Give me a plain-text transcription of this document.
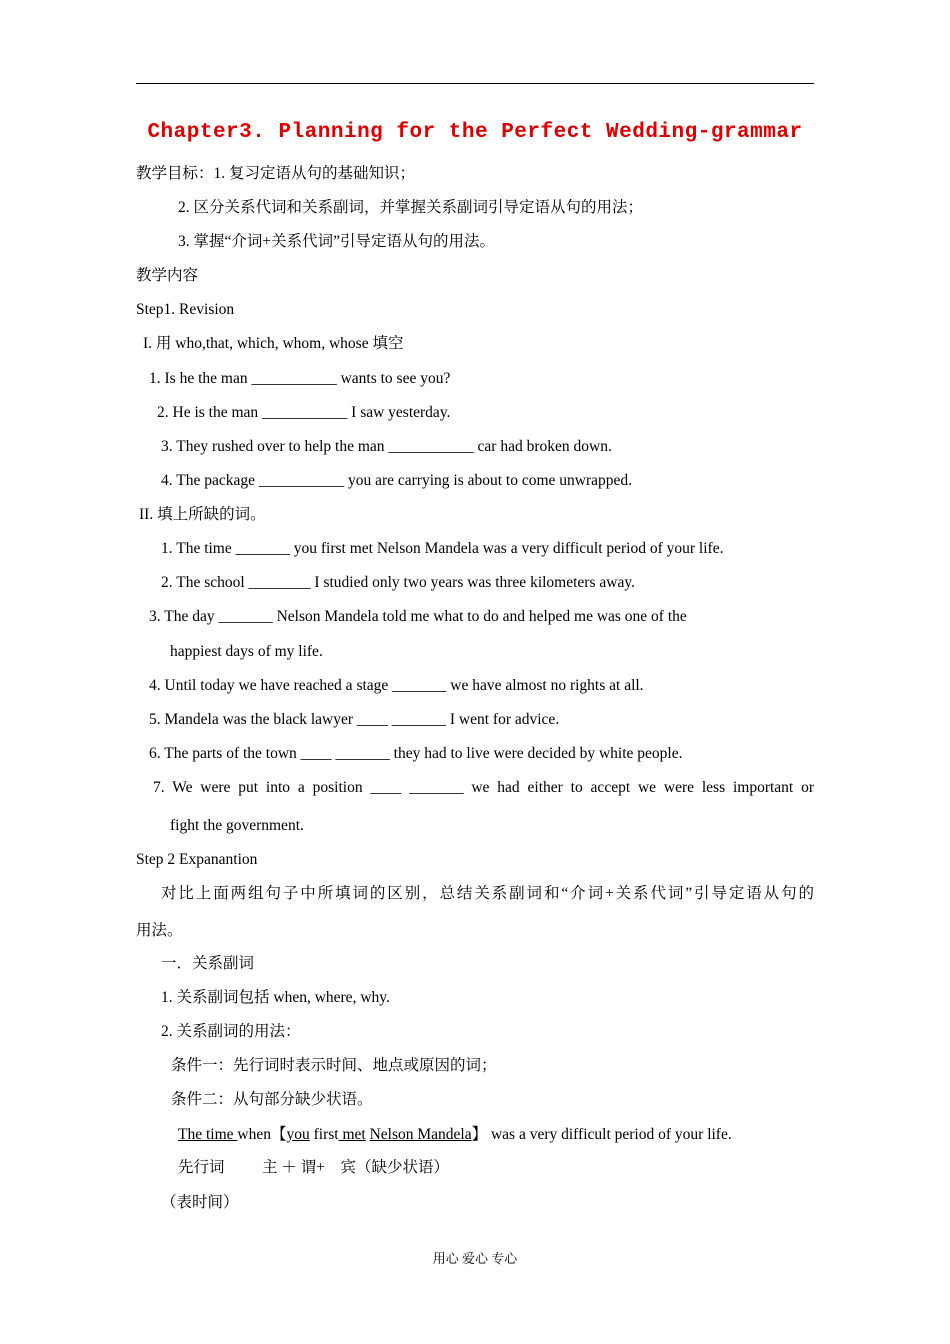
Chapter3. Planning for the Perfect Wedding-grammar
教学目标：1. 复习定语从句的基础知识；
2. 区分关系代词和关系副词，并掌握关系副词引导定语从句的用法；
3. 掌握“介词+关系代词”引导定语从句的用法。
教学内容
Step1. Revision
I. 用 who,that, which, whom, whose 填空
1. Is he the man ___________ wants to see you?
2. He is the man ___________ I saw yesterday.
3. They rushed over to help the man ___________ car had broken down.
4. The package ___________ you are carrying is about to come unwrapped.
II. 填上所缺的词。
1. The time _______ you first met Nelson Mandela was a very difficult period of your life.
2. The school ________ I studied only two years was three kilometers away.
3. The day _______ Nelson Mandela told me what to do and helped me was one of the
happiest days of my life.
4. Until today we have reached a stage _______ we have almost no rights at all.
5. Mandela was the black lawyer ____ _______ I went for advice.
6. The parts of the town ____ _______ they had to live were decided by white people.
7. We were put into a position ____ _______ we had either to accept we were less important or
fight the government.
Step 2 Expanantion
对比上面两组句子中所填词的区别，总结关系副词和“介词+关系代词”引导定语从句的
用法。
一．关系副词
1. 关系副词包括 when, where, why.
2. 关系副词的用法：
条件一：先行词时表示时间、地点或原因的词；
条件二：从句部分缺少状语。
The time when【you first met Nelson Mandela】 was a very difficult period of your life.
先行词 主 ＋ 谓+　宾（缺少状语）
（表时间）
用心 爱心 专心
